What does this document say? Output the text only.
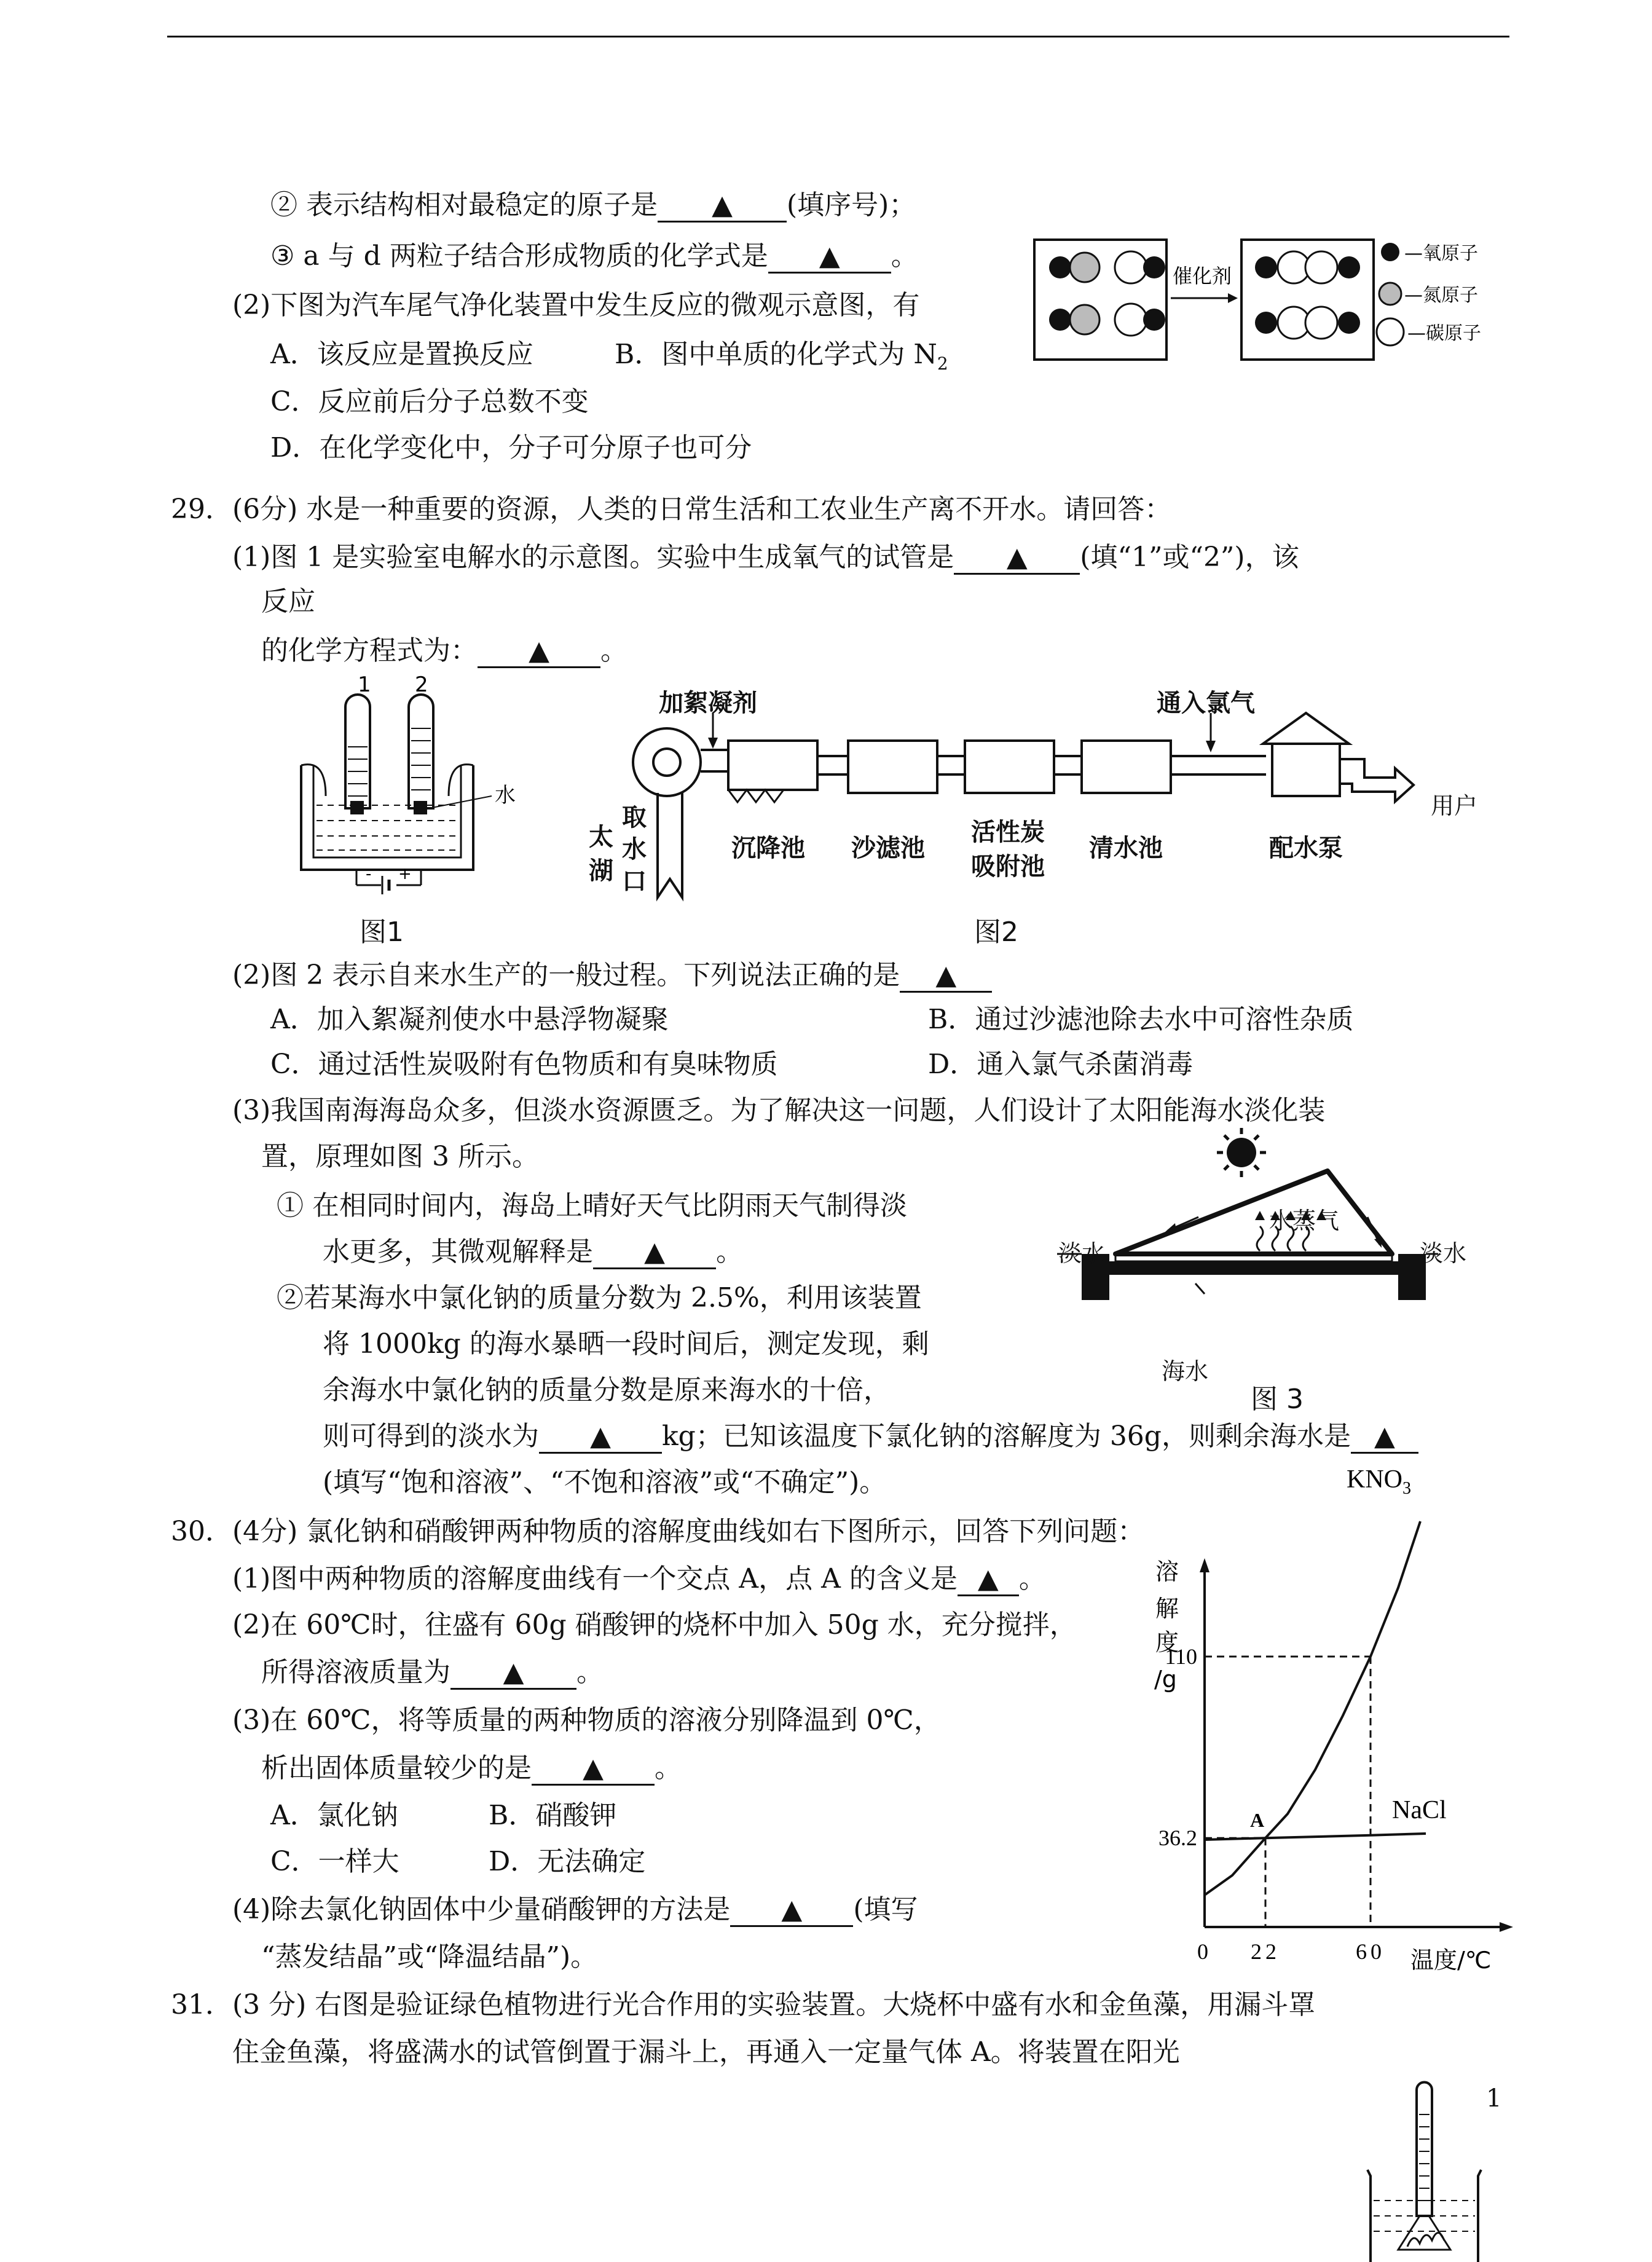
② 表示结构相对最稳定的原子是 ▲ (填序号)；
③ a 与 d 两粒子结合形成物质的化学式是 ▲ 。
(2)下图为汽车尾气净化装置中发生反应的微观示意图，有
A．该反应是置换反应	B．图中单质的化学式为 $N_2$
C．反应前后分子总数不变
D．在化学变化中，分子可分原子也可分
催化剂
—氧原子
—氮原子
—碳原子
29．(6分) 水是一种重要的资源，人类的日常生活和工农业生产离不开水。请回答：
(1)图 1 是实验室电解水的示意图。实验中生成氧气的试管是 ▲ (填“1”或“2”)，该
反应
的化学方程式为： ▲ 。
1 2
水
- +
图1
加絮凝剂	通入氯气
太
湖
取
水
口
沉降池 沙滤池
活性炭
吸附池
清水池	配水泵
用户
图2
(2)图 2 表示自来水生产的一般过程。下列说法正确的是 ▲
A．加入絮凝剂使水中悬浮物凝聚	B．通过沙滤池除去水中可溶性杂质
C．通过活性炭吸附有色物质和有臭味物质	D．通入氯气杀菌消毒
(3)我国南海海岛众多，但淡水资源匮乏。为了解决这一问题，人们设计了太阳能海水淡化装
置，原理如图 3 所示。
① 在相同时间内，海岛上晴好天气比阴雨天气制得淡
水更多，其微观解释是 ▲ 。
②若某海水中氯化钠的质量分数为 2.5%，利用该装置
将 1000kg 的海水暴晒一段时间后，测定发现，剩
余海水中氯化钠的质量分数是原来海水的十倍，
则可得到的淡水为 ▲ kg；已知该温度下氯化钠的溶解度为 36g，则剩余海水是 ▲
(填写“饱和溶液”、“不饱和溶液”或“不确定”)。
水蒸气
淡水	淡水
海水
图 3
30．(4分) 氯化钠和硝酸钾两种物质的溶解度曲线如右下图所示，回答下列问题：
(1)图中两种物质的溶解度曲线有一个交点 A，点 A 的含义是 ▲ 。
(2)在 60℃时，往盛有 60g 硝酸钾的烧杯中加入 50g 水，充分搅拌，
所得溶液质量为 ▲ 。
(3)在 60℃，将等质量的两种物质的溶液分别降温到 0℃，
析出固体质量较少的是 ▲ 。
A．氯化钠	B．硝酸钾
C．一样大	D．无法确定
(4)除去氯化钠固体中少量硝酸钾的方法是 ▲ (填写
“蒸发结晶”或“降温结晶”)。
溶
解
度
/g
$KNO_3$
NaCl
A
36.2
110
0 22	60 温度/℃
31．(3 分) 右图是验证绿色植物进行光合作用的实验装置。大烧杯中盛有水和金鱼藻，用漏斗罩
住金鱼藻，将盛满水的试管倒置于漏斗上，再通入一定量气体 A。将装置在阳光
1
